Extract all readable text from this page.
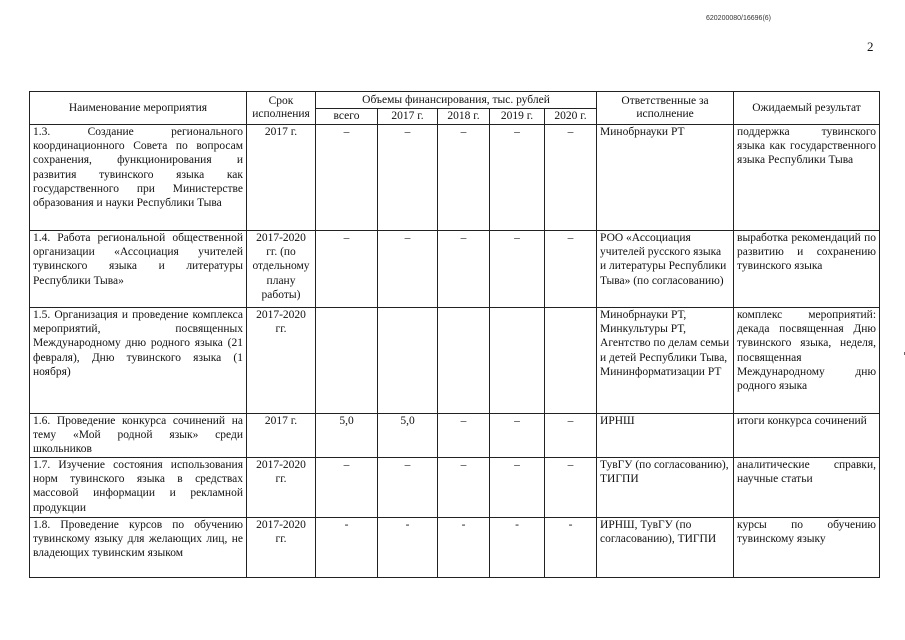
620200080/16696(6)
2
Наименование мероприятия	Срок исполнения	Объемы финансирования, тыс. рублей					Ответственные за исполнение	Ожидаемый результат
		всего	2017 г.	2018 г.	2019 г.	2020 г.		
1.3. Создание регионального координационного Совета по вопросам сохранения, функционирования и развития тувинского языка как государственного при Министерстве образования и науки Республики Тыва	2017 г.	–	–	–	–	–	Минобрнауки РТ	поддержка тувинского языка как государственного языка Республики Тыва
1.4. Работа региональной общественной организации «Ассоциация учителей тувинского языка и литературы Республики Тыва»	2017-2020 гг. (по отдельному плану работы)	–	–	–	–	–	РОО «Ассоциация учителей русского языка и литературы Республики Тыва» (по согласованию)	выработка рекомендаций по развитию и сохранению тувинского языка
1.5. Организация и проведение комплекса мероприятий, посвященных Международному дню родного языка (21 февраля), Дню тувинского языка (1 ноября)	2017-2020 гг.						Минобрнауки РТ, Минкультуры РТ, Агентство по делам семьи и детей Республики Тыва, Мининформатизации РТ	комплекс мероприятий: декада посвященная Дню тувинского языка, неделя, посвященная Международному дню родного языка
1.6. Проведение конкурса сочинений на тему «Мой родной язык» среди школьников	2017 г.	5,0	5,0	–	–	–	ИРНШ	итоги конкурса сочинений
1.7. Изучение состояния использования норм тувинского языка в средствах массовой информации и рекламной продукции	2017-2020 гг.	–	–	–	–	–	ТувГУ (по согласованию), ТИГПИ	аналитические справки, научные статьи
1.8. Проведение курсов по обучению тувинскому языку для желающих лиц, не владеющих тувинским языком	2017-2020 гг.	-	-	-	-	-	ИРНШ, ТувГУ (по согласованию), ТИГПИ	курсы по обучению тувинскому языку
